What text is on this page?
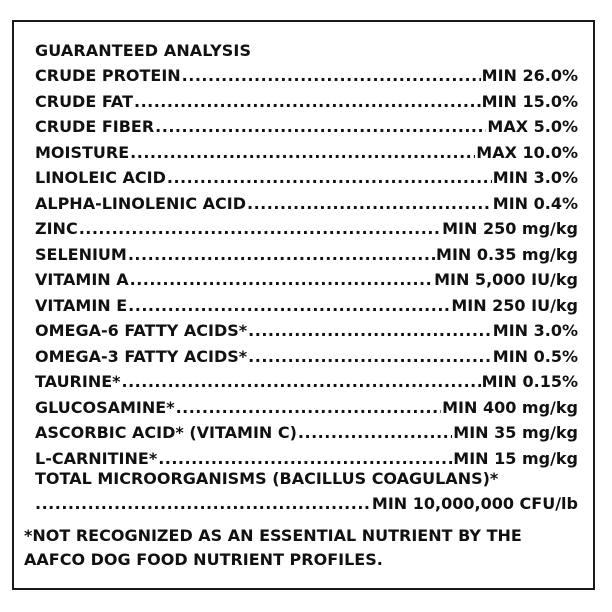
GUARANTEED ANALYSIS
CRUDE PROTEIN .....	MIN 26.0%
CRUDE FAT .....	MIN 15.0%
CRUDE FIBER .....	MAX 5.0%
MOISTURE .....	MAX 10.0%
LINOLEIC ACID .....	MIN 3.0%
ALPHA-LINOLENIC ACID .....	MIN 0.4%
ZINC .....	MIN 250 mg/kg
SELENIUM .....	MIN 0.35 mg/kg
VITAMIN A .....	MIN 5,000 IU/kg
VITAMIN E .....	MIN 250 IU/kg
OMEGA-6 FATTY ACIDS* .....	MIN 3.0%
OMEGA-3 FATTY ACIDS* .....	MIN 0.5%
TAURINE* .....	MIN 0.15%
GLUCOSAMINE* .....	MIN 400 mg/kg
ASCORBIC ACID* (VITAMIN C) .....	MIN 35 mg/kg
L-CARNITINE* .....	MIN 15 mg/kg
TOTAL MICROORGANISMS (BACILLUS COAGULANS)*
.....
MIN 10,000,000 CFU/lb
*NOT RECOGNIZED AS AN ESSENTIAL NUTRIENT BY THE AAFCO DOG FOOD NUTRIENT PROFILES.
